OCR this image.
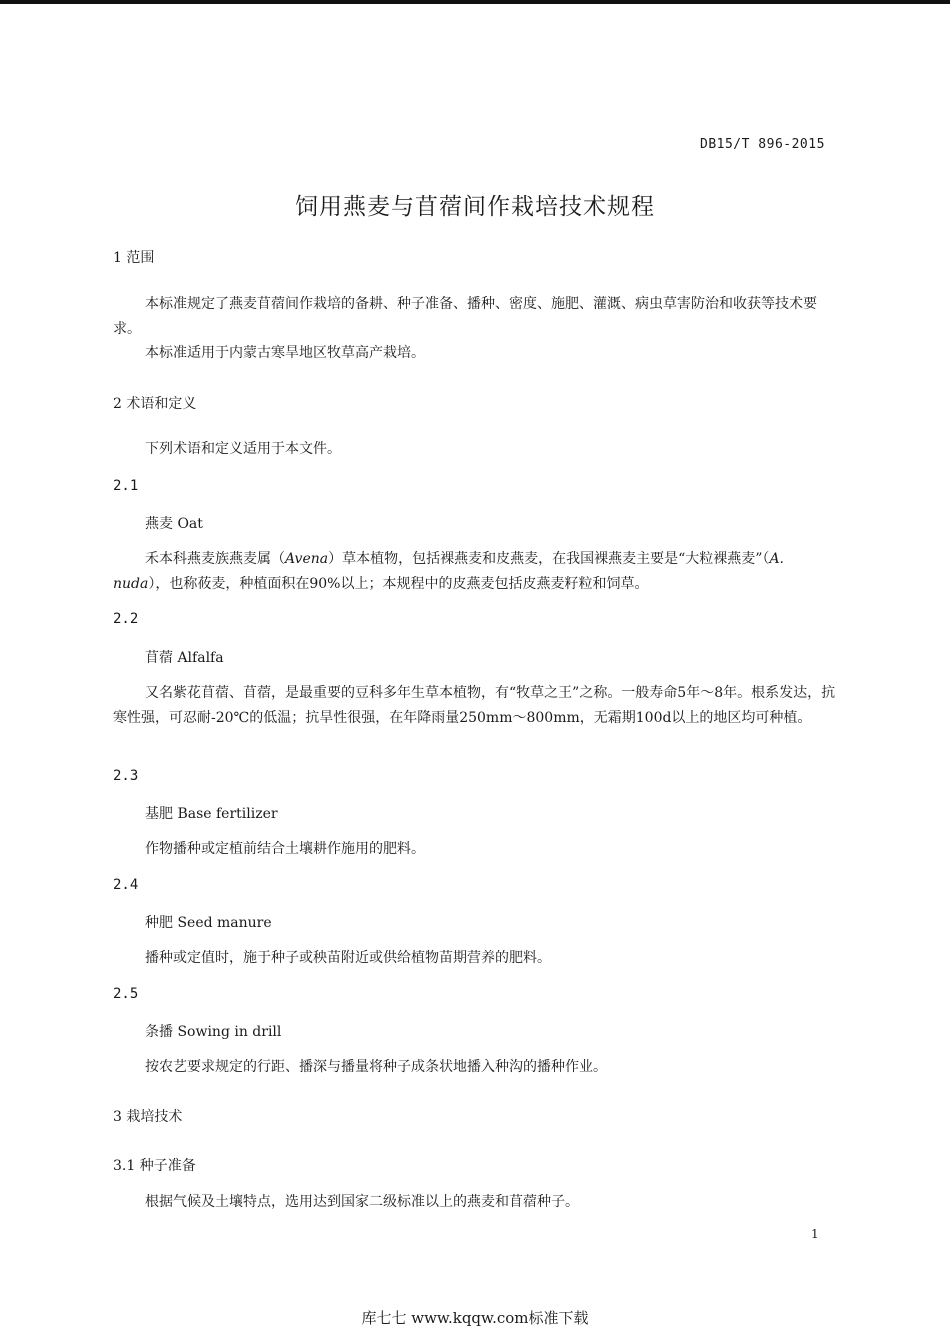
DB15/T 896-2015
饲用燕麦与苜蓿间作栽培技术规程
1 范围
本标准规定了燕麦苜蓿间作栽培的备耕、种子准备、播种、密度、施肥、灌溉、病虫草害防治和收获等技术要求。
本标准适用于内蒙古寒旱地区牧草高产栽培。
2 术语和定义
下列术语和定义适用于本文件。
2.1
燕麦 Oat
禾本科燕麦族燕麦属（Avena）草本植物，包括裸燕麦和皮燕麦，在我国裸燕麦主要是“大粒裸燕麦”（A. nuda），也称莜麦，种植面积在90%以上；本规程中的皮燕麦包括皮燕麦籽粒和饲草。
2.2
苜蓿 Alfalfa
又名紫花苜蓿、苜蓿，是最重要的豆科多年生草本植物，有“牧草之王”之称。一般寿命5年～8年。根系发达，抗寒性强，可忍耐-20℃的低温；抗旱性很强，在年降雨量250mm～800mm，无霜期100d以上的地区均可种植。
2.3
基肥 Base fertilizer
作物播种或定植前结合土壤耕作施用的肥料。
2.4
种肥 Seed manure
播种或定值时，施于种子或秧苗附近或供给植物苗期营养的肥料。
2.5
条播 Sowing in drill
按农艺要求规定的行距、播深与播量将种子成条状地播入种沟的播种作业。
3 栽培技术
3.1 种子准备
根据气候及土壤特点，选用达到国家二级标准以上的燕麦和苜蓿种子。
1
库七七 www.kqqw.com标准下载
